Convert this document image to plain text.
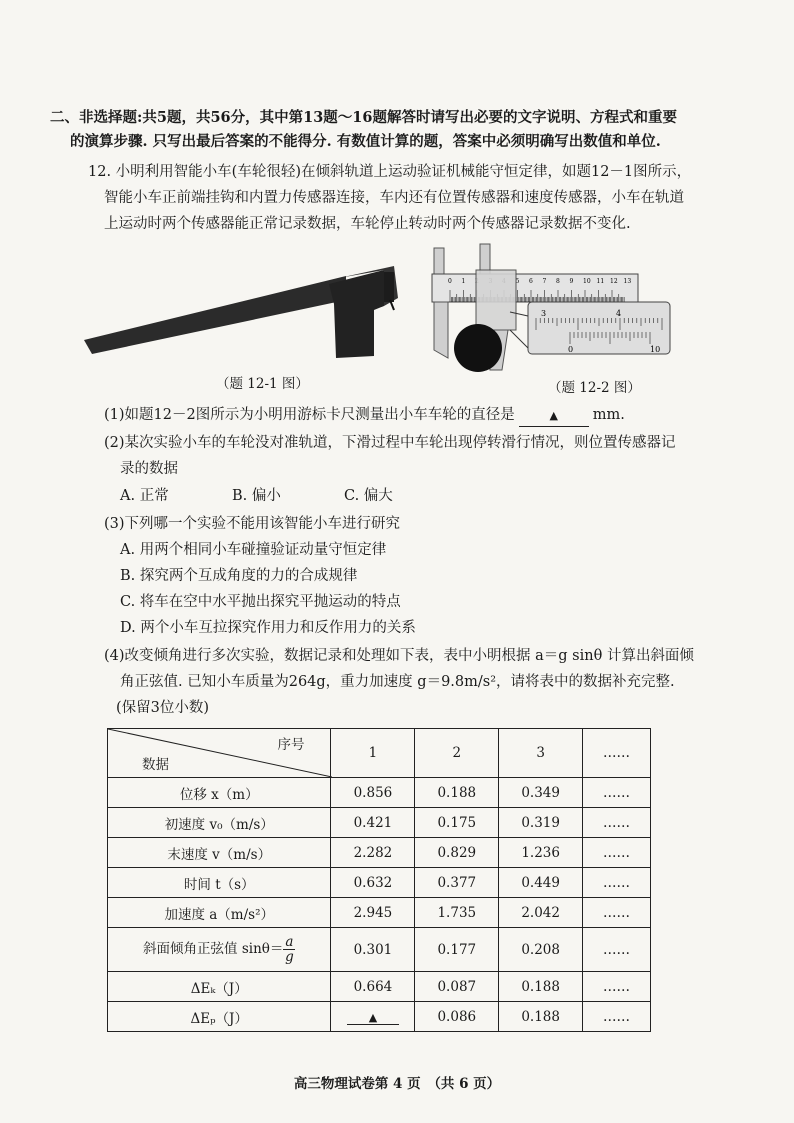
二、非选择题:共5题，共56分，其中第13题～16题解答时请写出必要的文字说明、方程式和重要
的演算步骤. 只写出最后答案的不能得分. 有数值计算的题，答案中必须明确写出数值和单位.
12. 小明利用智能小车(车轮很轻)在倾斜轨道上运动验证机械能守恒定律，如题12－1图所示，
智能小车正前端挂钩和内置力传感器连接，车内还有位置传感器和速度传感器，小车在轨道
上运动时两个传感器能正常记录数据，车轮停止转动时两个传感器记录数据不变化.
（题 12-1 图）
0 1	5 6 7 8 9 10 11 12 13
3	4
0	10
（题 12-2 图）
(1)如题12－2图所示为小明用游标卡尺测量出小车车轮的直径是	▲ mm.
(2)某次实验小车的车轮没对准轨道，下滑过程中车轮出现停转滑行情况，则位置传感器记
录的数据
A. 正常	B. 偏小	C. 偏大
(3)下列哪一个实验不能用该智能小车进行研究
A. 用两个相同小车碰撞验证动量守恒定律
B. 探究两个互成角度的力的合成规律
C. 将车在空中水平抛出探究平抛运动的特点
D. 两个小车互拉探究作用力和反作用力的关系
(4)改变倾角进行多次实验，数据记录和处理如下表，表中小明根据 a＝g sinθ 计算出斜面倾
角正弦值. 已知小车质量为264g，重力加速度 g＝9.8m/s²，请将表中的数据补充完整.
(保留3位小数)
序号
数据	1	2	3	……
位移 x（m）	0.856	0.188	0.349	……
初速度 v₀（m/s）	0.421	0.175	0.319	……
末速度 v（m/s）	2.282	0.829	1.236	……
时间 t（s）	0.632	0.377	0.449	……
加速度 a（m/s²）	2.945	1.735	2.042	……
斜面倾角正弦值 $\sin\theta= \frac{a}{g}$	0.301	0.177	0.208	……
ΔEₖ（J）	0.664	0.087	0.188	……
ΔEₚ（J）	▲	0.086	0.188	……
高三物理试卷第 4 页　（共 6 页）
